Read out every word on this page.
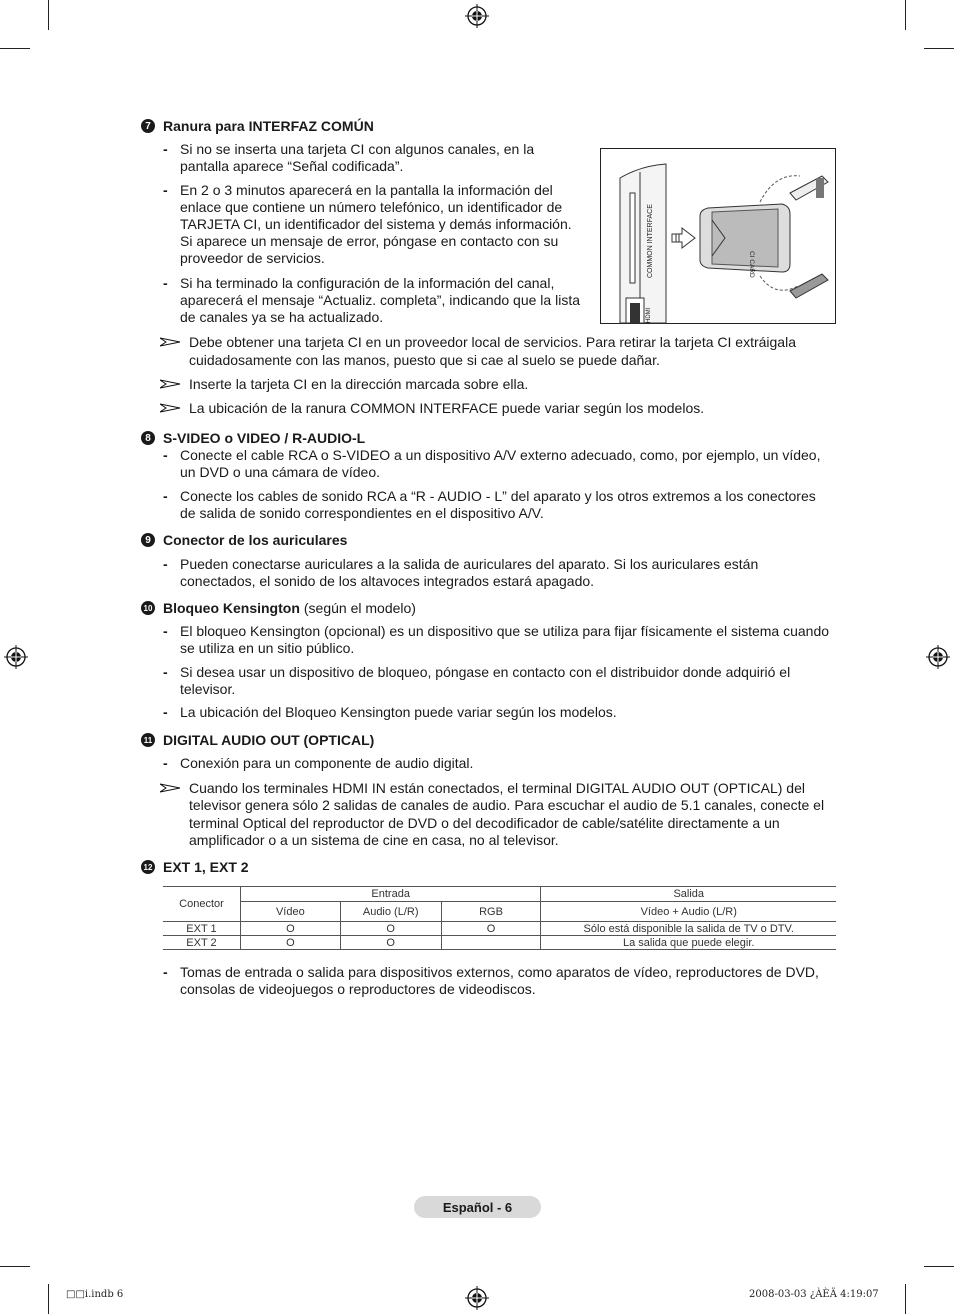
7 Ranura para INTERFAZ COMÚN
- Si no se inserta una tarjeta CI con algunos canales, en la pantalla aparece “Señal codificada”.
- En 2 o 3 minutos aparecerá en la pantalla la información del enlace que contiene un número telefónico, un identificador de TARJETA CI, un identificador del sistema y demás información. Si aparece un mensaje de error, póngase en contacto con su proveedor de servicios.
- Si ha terminado la configuración de la información del canal, aparecerá el mensaje “Actualiz. completa”, indicando que la lista de canales ya se ha actualizado.
COMMON INTERFACE
HDMI
CI CARD
Debe obtener una tarjeta CI en un proveedor local de servicios. Para retirar la tarjeta CI extráigala cuidadosamente con las manos, puesto que si cae al suelo se puede dañar.
Inserte la tarjeta CI en la dirección marcada sobre ella.
La ubicación de la ranura COMMON INTERFACE puede variar según los modelos.
8 S-VIDEO o VIDEO / R-AUDIO-L
- Conecte el cable RCA o S-VIDEO a un dispositivo A/V externo adecuado, como, por ejemplo, un vídeo, un DVD o una cámara de vídeo.
- Conecte los cables de sonido RCA a “R - AUDIO - L” del aparato y los otros extremos a los conectores de salida de sonido correspondientes en el dispositivo A/V.
9 Conector de los auriculares
- Pueden conectarse auriculares a la salida de auriculares del aparato. Si los auriculares están conectados, el sonido de los altavoces integrados estará apagado.
10 Bloqueo Kensington (según el modelo)
- El bloqueo Kensington (opcional) es un dispositivo que se utiliza para fijar físicamente el sistema cuando se utiliza en un sitio público.
- Si desea usar un dispositivo de bloqueo, póngase en contacto con el distribuidor donde adquirió el televisor.
- La ubicación del Bloqueo Kensington puede variar según los modelos.
11 DIGITAL AUDIO OUT (OPTICAL)
- Conexión para un componente de audio digital.
Cuando los terminales HDMI IN están conectados, el terminal DIGITAL AUDIO OUT (OPTICAL) del televisor genera sólo 2 salidas de canales de audio. Para escuchar el audio de 5.1 canales, conecte el terminal Optical del reproductor de DVD o del decodificador de cable/satélite directamente a un amplificador o a un sistema de cine en casa, no al televisor.
12 EXT 1, EXT 2
Conector	Entrada			Salida
	Vídeo	Audio (L/R)	RGB	Vídeo + Audio (L/R)
EXT 1	O	O	O	Sólo está disponible la salida de TV o DTV.
EXT 2	O	O		La salida que puede elegir.
- Tomas de entrada o salida para dispositivos externos, como aparatos de vídeo, reproductores de DVD, consolas de videojuegos o reproductores de videodiscos.
Español - 6
□□i.indb 6	2008-03-03 ¿ÀÈÄ 4:19:07
